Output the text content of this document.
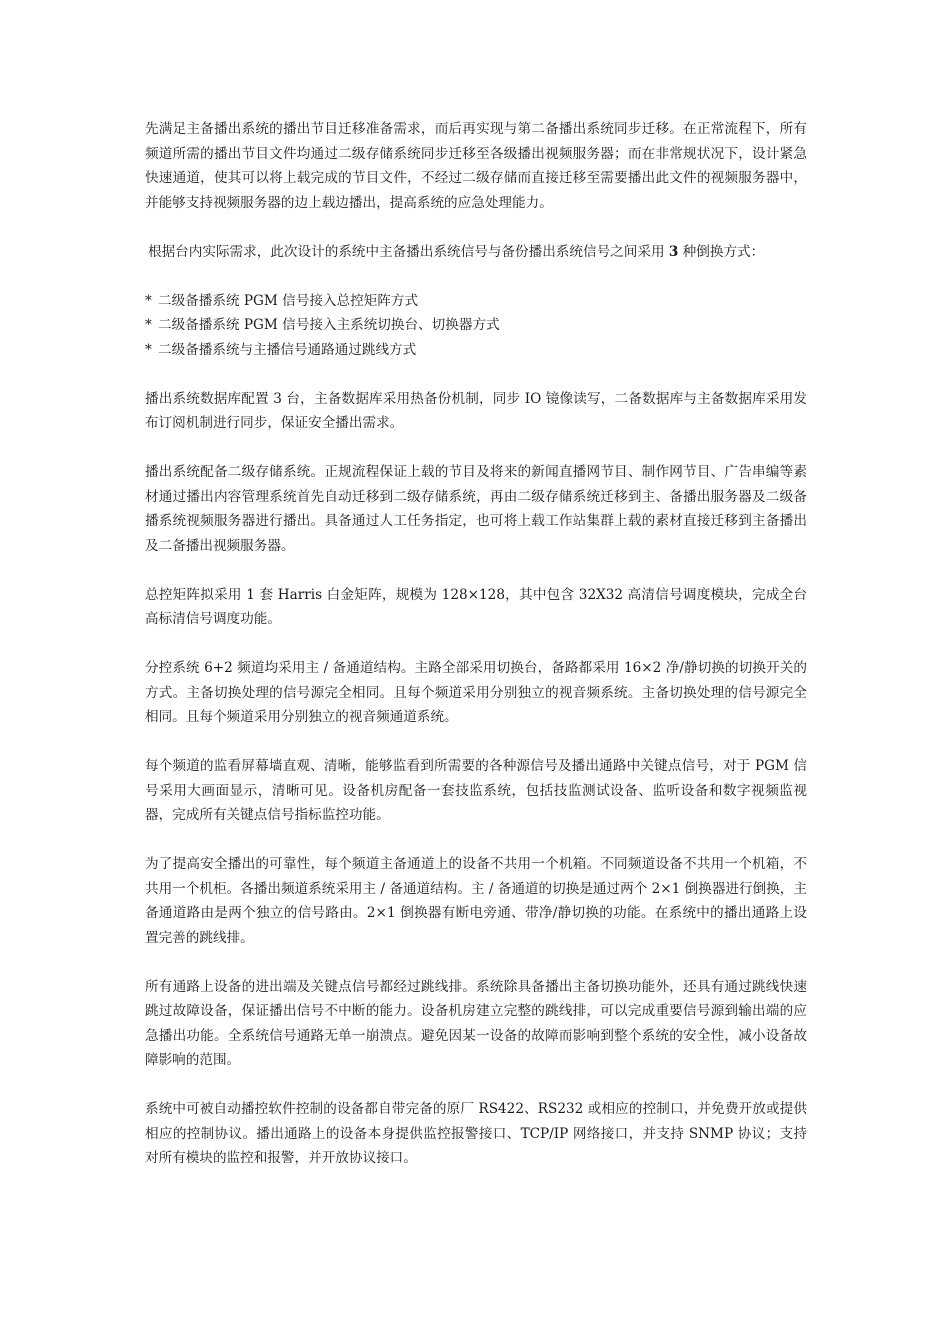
先满足主备播出系统的播出节目迁移准备需求，而后再实现与第二备播出系统同步迁移。在正常流程下，所有频道所需的播出节目文件均通过二级存储系统同步迁移至各级播出视频服务器；而在非常规状况下，设计紧急快速通道，使其可以将上载完成的节目文件，不经过二级存储而直接迁移至需要播出此文件的视频服务器中，并能够支持视频服务器的边上载边播出，提高系统的应急处理能力。

根据台内实际需求，此次设计的系统中主备播出系统信号与备份播出系统信号之间采用 3 种倒换方式：

* 二级备播系统 PGM 信号接入总控矩阵方式
* 二级备播系统 PGM 信号接入主系统切换台、切换器方式
* 二级备播系统与主播信号通路通过跳线方式

播出系统数据库配置 3 台，主备数据库采用热备份机制，同步 IO 镜像读写，二备数据库与主备数据库采用发布订阅机制进行同步，保证安全播出需求。

播出系统配备二级存储系统。正规流程保证上载的节目及将来的新闻直播网节目、制作网节目、广告串编等素材通过播出内容管理系统首先自动迁移到二级存储系统，再由二级存储系统迁移到主、备播出服务器及二级备播系统视频服务器进行播出。具备通过人工任务指定，也可将上载工作站集群上载的素材直接迁移到主备播出及二备播出视频服务器。

总控矩阵拟采用 1 套 Harris 白金矩阵，规模为 128×128，其中包含 32X32 高清信号调度模块，完成全台高标清信号调度功能。

分控系统 6+2 频道均采用主 / 备通道结构。主路全部采用切换台，备路都采用 16×2 净/静切换的切换开关的方式。主备切换处理的信号源完全相同。且每个频道采用分别独立的视音频系统。主备切换处理的信号源完全相同。且每个频道采用分别独立的视音频通道系统。

每个频道的监看屏幕墙直观、清晰，能够监看到所需要的各种源信号及播出通路中关键点信号，对于 PGM 信号采用大画面显示，清晰可见。设备机房配备一套技监系统，包括技监测试设备、监听设备和数字视频监视器，完成所有关键点信号指标监控功能。

为了提高安全播出的可靠性，每个频道主备通道上的设备不共用一个机箱。不同频道设备不共用一个机箱，不共用一个机柜。各播出频道系统采用主 / 备通道结构。主 / 备通道的切换是通过两个 2×1 倒换器进行倒换，主备通道路由是两个独立的信号路由。2×1 倒换器有断电旁通、带净/静切换的功能。在系统中的播出通路上设置完善的跳线排。

所有通路上设备的进出端及关键点信号都经过跳线排。系统除具备播出主备切换功能外，还具有通过跳线快速跳过故障设备，保证播出信号不中断的能力。设备机房建立完整的跳线排，可以完成重要信号源到输出端的应急播出功能。全系统信号通路无单一崩溃点。避免因某一设备的故障而影响到整个系统的安全性，减小设备故障影响的范围。

系统中可被自动播控软件控制的设备都自带完备的原厂 RS422、RS232 或相应的控制口，并免费开放或提供相应的控制协议。播出通路上的设备本身提供监控报警接口、TCP/IP 网络接口，并支持 SNMP 协议；支持对所有模块的监控和报警，并开放协议接口。
